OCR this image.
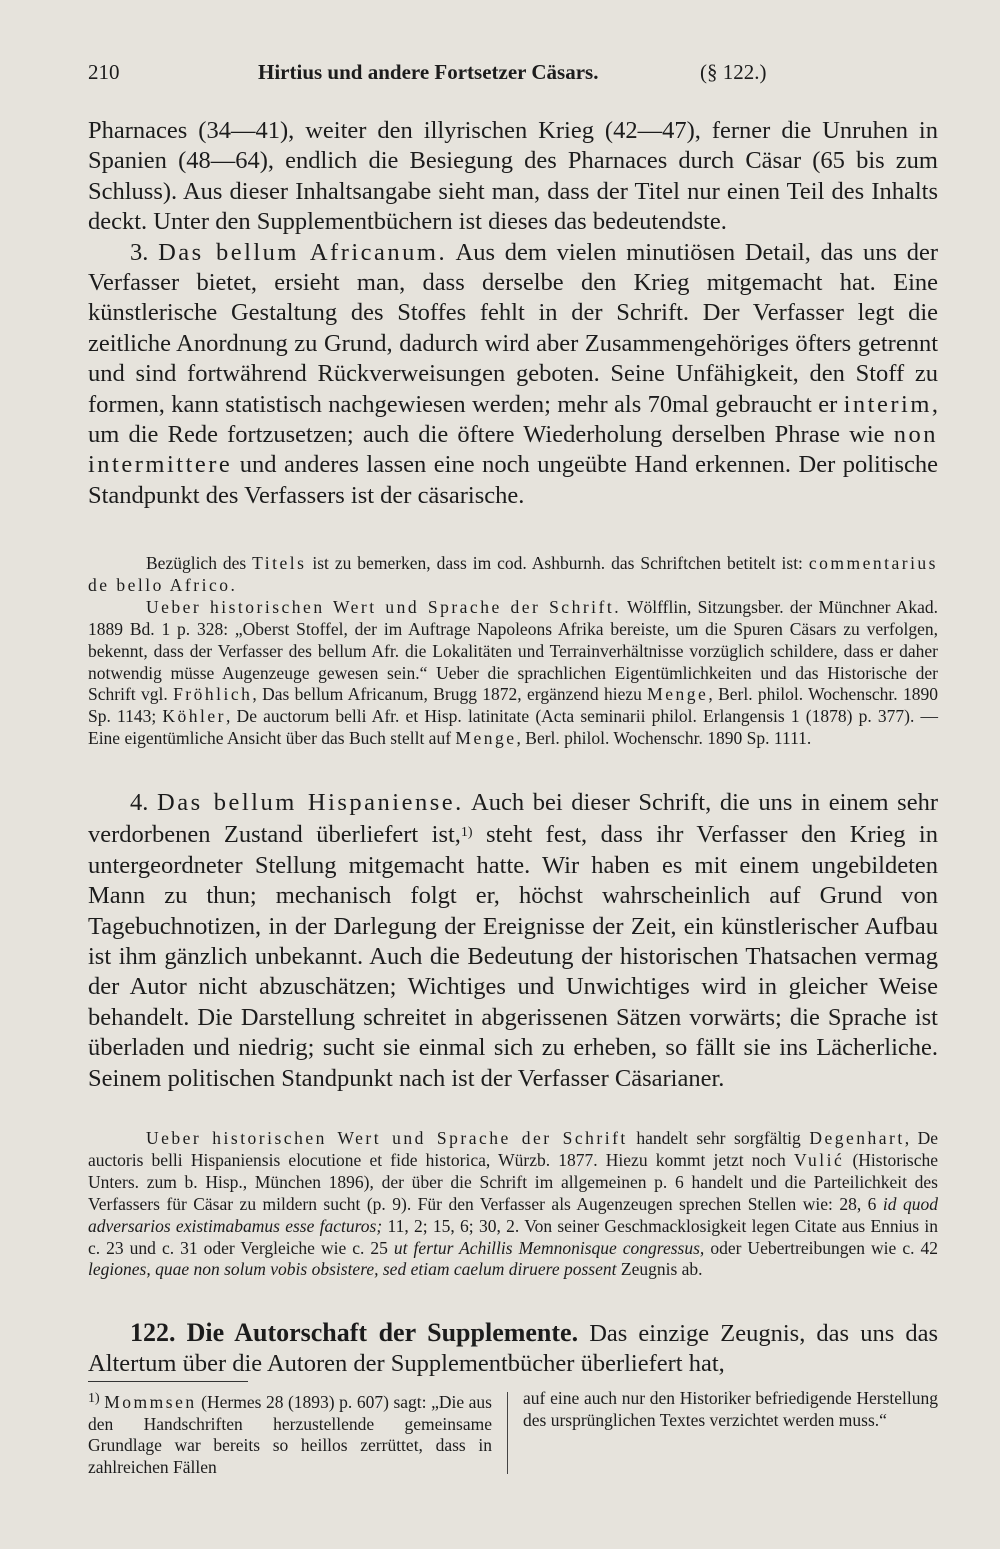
210	Hirtius und andere Fortsetzer Cäsars.	(§ 122.)

Pharnaces (34—41), weiter den illyrischen Krieg (42—47), ferner die Unruhen in Spanien (48—64), endlich die Besiegung des Pharnaces durch Cäsar (65 bis zum Schluss). Aus dieser Inhaltsangabe sieht man, dass der Titel nur einen Teil des Inhalts deckt. Unter den Supplementbüchern ist dieses das bedeutendste.

3. Das bellum Africanum. Aus dem vielen minutiösen Detail, das uns der Verfasser bietet, ersieht man, dass derselbe den Krieg mitgemacht hat. Eine künstlerische Gestaltung des Stoffes fehlt in der Schrift. Der Verfasser legt die zeitliche Anordnung zu Grund, dadurch wird aber Zusammengehöriges öfters getrennt und sind fortwährend Rückverweisungen geboten. Seine Unfähigkeit, den Stoff zu formen, kann statistisch nachgewiesen werden; mehr als 70mal gebraucht er interim, um die Rede fortzusetzen; auch die öftere Wiederholung derselben Phrase wie non intermittere und anderes lassen eine noch ungeübte Hand erkennen. Der politische Standpunkt des Verfassers ist der cäsarische.

Bezüglich des Titels ist zu bemerken, dass im cod. Ashburnh. das Schriftchen betitelt ist: commentarius de bello Africo.

Ueber historischen Wert und Sprache der Schrift. Wölfflin, Sitzungsber. der Münchner Akad. 1889 Bd. 1 p. 328: „Oberst Stoffel, der im Auftrage Napoleons Afrika bereiste, um die Spuren Cäsars zu verfolgen, bekennt, dass der Verfasser des bellum Afr. die Lokalitäten und Terrainverhältnisse vorzüglich schildere, dass er daher notwendig müsse Augenzeuge gewesen sein.“ Ueber die sprachlichen Eigentümlichkeiten und das Historische der Schrift vgl. Fröhlich, Das bellum Africanum, Brugg 1872, ergänzend hiezu Menge, Berl. philol. Wochenschr. 1890 Sp. 1143; Köhler, De auctorum belli Afr. et Hisp. latinitate (Acta seminarii philol. Erlangensis 1 (1878) p. 377). — Eine eigentümliche Ansicht über das Buch stellt auf Menge, Berl. philol. Wochenschr. 1890 Sp. 1111.

4. Das bellum Hispaniense. Auch bei dieser Schrift, die uns in einem sehr verdorbenen Zustand überliefert ist,$^{1)}$ steht fest, dass ihr Verfasser den Krieg in untergeordneter Stellung mitgemacht hatte. Wir haben es mit einem ungebildeten Mann zu thun; mechanisch folgt er, höchst wahrscheinlich auf Grund von Tagebuchnotizen, in der Darlegung der Ereignisse der Zeit, ein künstlerischer Aufbau ist ihm gänzlich unbekannt. Auch die Bedeutung der historischen Thatsachen vermag der Autor nicht abzuschätzen; Wichtiges und Unwichtiges wird in gleicher Weise behandelt. Die Darstellung schreitet in abgerissenen Sätzen vorwärts; die Sprache ist überladen und niedrig; sucht sie einmal sich zu erheben, so fällt sie ins Lächerliche. Seinem politischen Standpunkt nach ist der Verfasser Cäsarianer.

Ueber historischen Wert und Sprache der Schrift handelt sehr sorgfältig Degenhart, De auctoris belli Hispaniensis elocutione et fide historica, Würzb. 1877. Hiezu kommt jetzt noch Vulić (Historische Unters. zum b. Hisp., München 1896), der über die Schrift im allgemeinen p. 6 handelt und die Parteilichkeit des Verfassers für Cäsar zu mildern sucht (p. 9). Für den Verfasser als Augenzeugen sprechen Stellen wie: 28, 6 id quod adversarios existimabamus esse facturos; 11, 2; 15, 6; 30, 2. Von seiner Geschmacklosigkeit legen Citate aus Ennius in c. 23 und c. 31 oder Vergleiche wie c. 25 ut fertur Achillis Memnonisque congressus, oder Uebertreibungen wie c. 42 legiones, quae non solum vobis obsistere, sed etiam caelum diruere possent Zeugnis ab.

122. Die Autorschaft der Supplemente. Das einzige Zeugnis, das uns das Altertum über die Autoren der Supplementbücher überliefert hat,

$^{1)}$ Mommsen (Hermes 28 (1893) p. 607) sagt: „Die aus den Handschriften herzustellende gemeinsame Grundlage war bereits so heillos zerrüttet, dass in zahlreichen Fällen
auf eine auch nur den Historiker befriedigende Herstellung des ursprünglichen Textes verzichtet werden muss.“
